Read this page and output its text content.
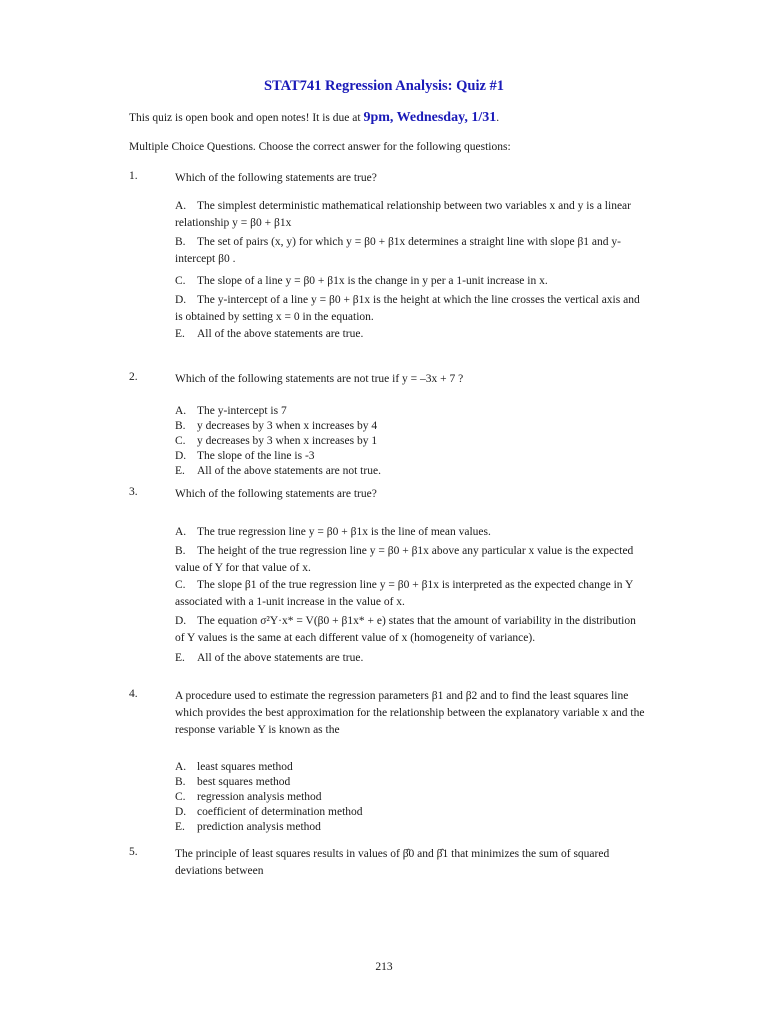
STAT741 Regression Analysis: Quiz #1
This quiz is open book and open notes! It is due at 9pm, Wednesday, 1/31.
Multiple Choice Questions. Choose the correct answer for the following questions:
1.	Which of the following statements are true?
A. The simplest deterministic mathematical relationship between two variables x and y is a linear relationship y = β0 + β1x
B. The set of pairs (x, y) for which y = β0 + β1x determines a straight line with slope β1 and y-intercept β0 .
C. The slope of a line y = β0 + β1x is the change in y per a 1-unit increase in x.
D. The y-intercept of a line y = β0 + β1x is the height at which the line crosses the vertical axis and is obtained by setting x = 0 in the equation.
E. All of the above statements are true.
2.	Which of the following statements are not true if y = –3x + 7 ?
A. The y-intercept is 7
B. y decreases by 3 when x increases by 4
C. y decreases by 3 when x increases by 1
D. The slope of the line is -3
E. All of the above statements are not true.
3.	Which of the following statements are true?
A. The true regression line y = β0 + β1x is the line of mean values.
B. The height of the true regression line y = β0 + β1x above any particular x value is the expected value of Y for that value of x.
C. The slope β1 of the true regression line y = β0 + β1x is interpreted as the expected change in Y associated with a 1-unit increase in the value of x.
D. The equation σ²Y·x* = V(β0 + β1x* + e) states that the amount of variability in the distribution of Y values is the same at each different value of x (homogeneity of variance).
E. All of the above statements are true.
4.	A procedure used to estimate the regression parameters β1 and β2 and to find the least squares line which provides the best approximation for the relationship between the explanatory variable x and the response variable Y is known as the
A. least squares method
B. best squares method
C. regression analysis method
D. coefficient of determination method
E. prediction analysis method
5.	The principle of least squares results in values of β̂0 and β̂1 that minimizes the sum of squared deviations between
213
